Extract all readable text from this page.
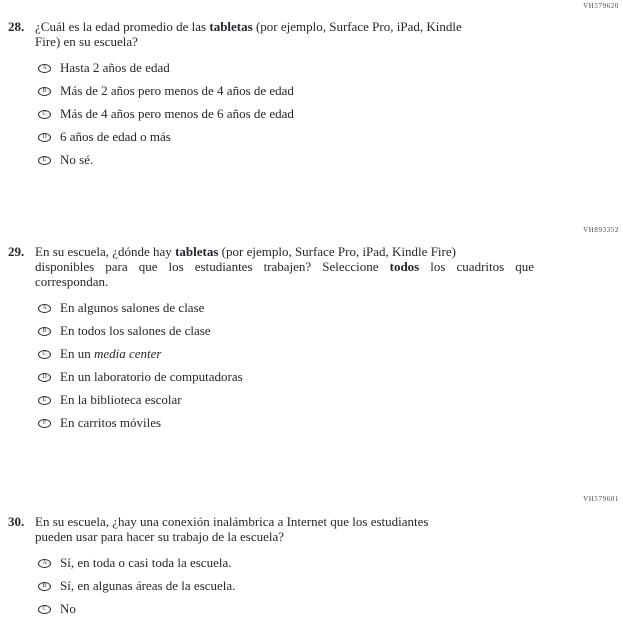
VH579620
28. ¿Cuál es la edad promedio de las tabletas (por ejemplo, Surface Pro, iPad, Kindle
Fire) en su escuela?
A	Hasta 2 años de edad
B	Más de 2 años pero menos de 4 años de edad
C	Más de 4 años pero menos de 6 años de edad
D	6 años de edad o más
E	No sé.
VH893352
29. En su escuela, ¿dónde hay tabletas (por ejemplo, Surface Pro, iPad, Kindle Fire)
disponibles para que los estudiantes trabajen? Seleccione todos los cuadritos que
correspondan.
A	En algunos salones de clase
B	En todos los salones de clase
C	En un media center
D	En un laboratorio de computadoras
E	En la biblioteca escolar
F	En carritos móviles
VH579601
30. En su escuela, ¿hay una conexión inalámbrica a Internet que los estudiantes
pueden usar para hacer su trabajo de la escuela?
A	Sí, en toda o casi toda la escuela.
B	Sí, en algunas áreas de la escuela.
C	No
